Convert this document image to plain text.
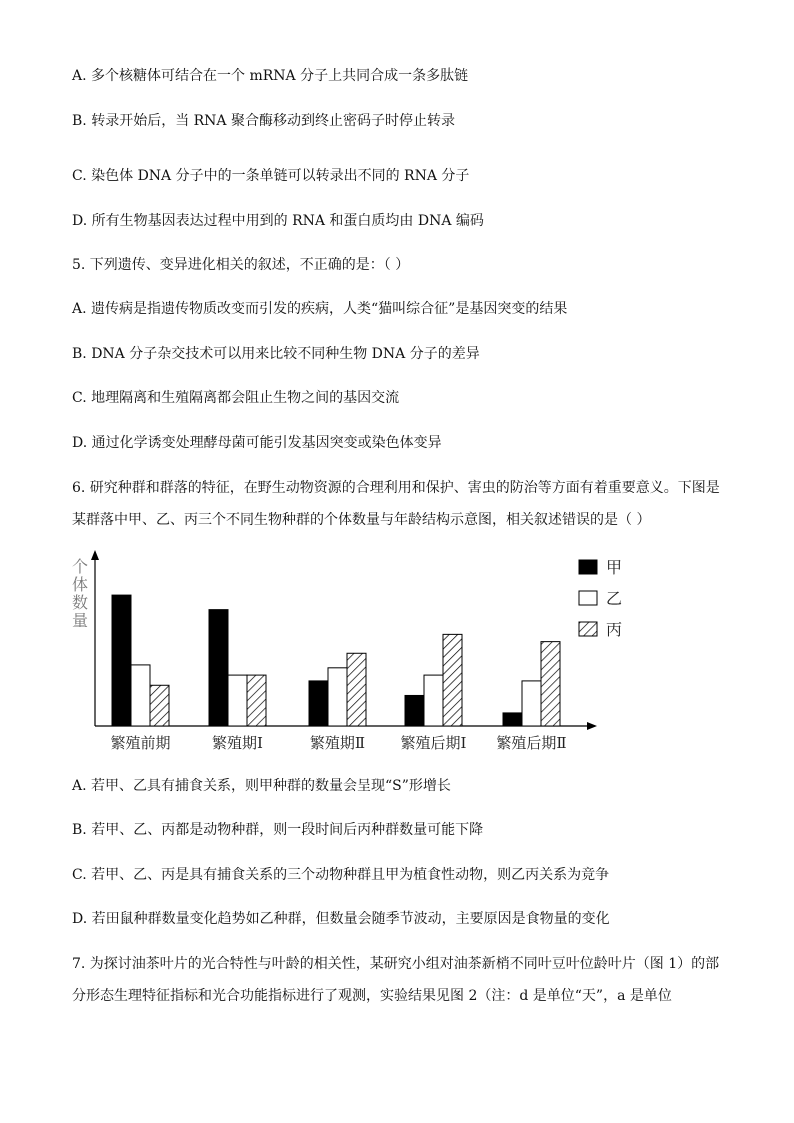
A. 多个核糖体可结合在一个 mRNA 分子上共同合成一条多肽链
B. 转录开始后，当 RNA 聚合酶移动到终止密码子时停止转录
C. 染色体 DNA 分子中的一条单链可以转录出不同的 RNA 分子
D. 所有生物基因表达过程中用到的 RNA 和蛋白质均由 DNA 编码
5. 下列遗传、变异进化相关的叙述，不正确的是：（ ）
A. 遗传病是指遗传物质改变而引发的疾病，人类“猫叫综合征”是基因突变的结果
B. DNA 分子杂交技术可以用来比较不同种生物 DNA 分子的差异
C. 地理隔离和生殖隔离都会阻止生物之间的基因交流
D. 通过化学诱变处理酵母菌可能引发基因突变或染色体变异
6. 研究种群和群落的特征，在野生动物资源的合理利用和保护、害虫的防治等方面有着重要意义。下图是
某群落中甲、乙、丙三个不同生物种群的个体数量与年龄结构示意图，相关叙述错误的是（ ）
个
体
数
量
繁殖前期	繁殖期Ⅰ	繁殖期Ⅱ 繁殖后期Ⅰ 繁殖后期Ⅱ
甲
乙
丙
A. 若甲、乙具有捕食关系，则甲种群的数量会呈现“S”形增长
B. 若甲、乙、丙都是动物种群，则一段时间后丙种群数量可能下降
C. 若甲、乙、丙是具有捕食关系的三个动物种群且甲为植食性动物，则乙丙关系为竞争
D. 若田鼠种群数量变化趋势如乙种群，但数量会随季节波动，主要原因是食物量的变化
7. 为探讨油茶叶片的光合特性与叶龄的相关性，某研究小组对油茶新梢不同叶豆叶位龄叶片（图 1）的部
分形态生理特征指标和光合功能指标进行了观测，实验结果见图 2（注：d 是单位“天”，a 是单位
